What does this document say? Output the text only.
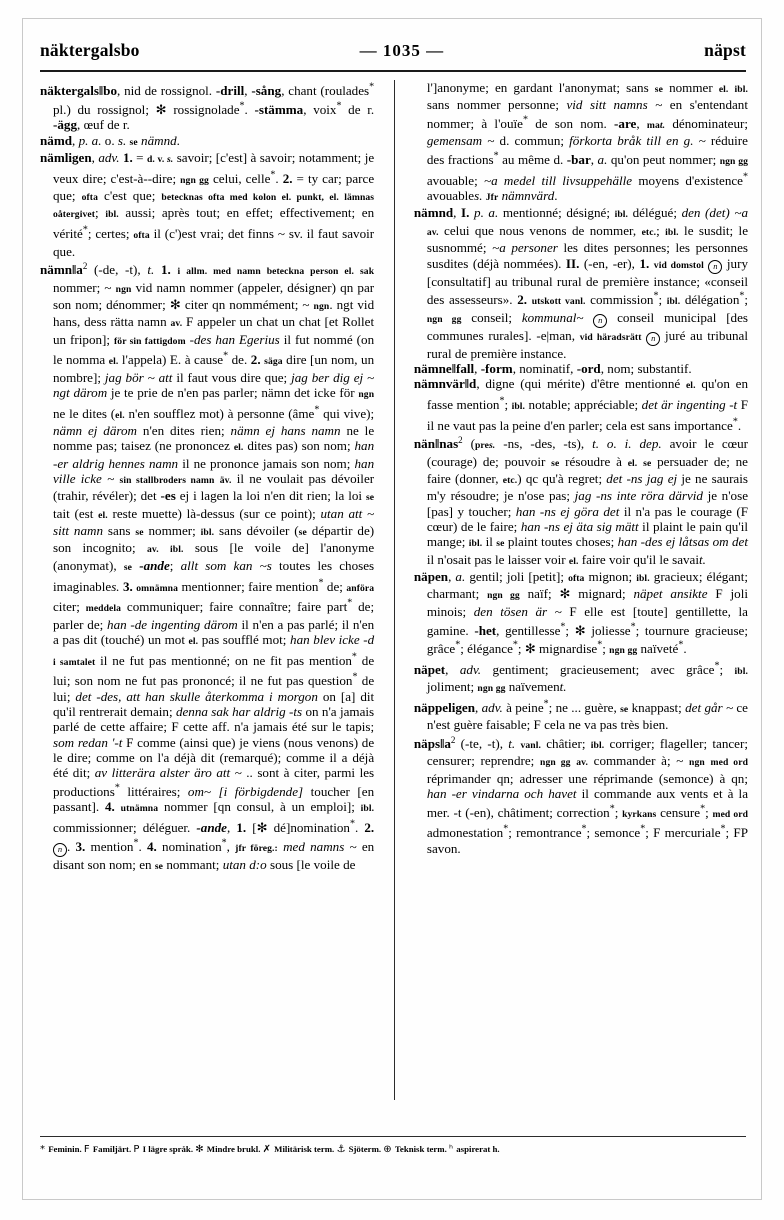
näktergalsbo	— 1035 —	näpst
näktergals‖bo, nid de rossignol. -drill, -sång, chant (roulades* pl.) du rossignol; ✻ rossignolade*. -stämma, voix* de r. -ägg, œuf de r.
nämd, p. a. o. s. se nämnd.
nämligen, adv. 1. = d. v. s. savoir; [c'est] à savoir; notamment; je veux dire; c'est-à--dire; ngn gg celui, celle*. 2. = ty car; parce que; ofta c'est que; betecknas ofta med kolon el. punkt, el. lämnas oåtergivet; ibl. aussi; après tout; en effet; effectivement; en vérité*; certes; ofta il (c')est vrai; det finns ~ sv. il faut savoir que.
$nämn‖a^2$ (-de, -t), t. 1. i allm. med namn beteckna person el. sak nommer; ~ ngn vid namn nommer (appeler, désigner) qn par son nom; dénommer; ✻ citer qn nommément; ~ ngn. ngt vid hans, dess rätta namn av. F appeler un chat un chat [et Rollet un fripon]; för sin fattigdom -des han Egerius il fut nommé (on le nomma el. l'appela) E. à cause* de. 2. säga dire [un nom, un nombre]; jag bör ~ att il faut vous dire que; jag ber dig ej ~ ngt därom je te prie de n'en pas parler; nämn det icke för ngn ne le dites (el. n'en soufflez mot) à personne (âme* qui vive); nämn ej därom n'en dites rien; nämn ej hans namn ne le nomme pas; taisez (ne prononcez el. dites pas) son nom; han -er aldrig hennes namn il ne prononce jamais son nom; han ville icke ~ sin stallbroders namn äv. il ne voulait pas dévoiler (trahir, révéler); det -es ej i lagen la loi n'en dit rien; la loi se tait (est el. reste muette) là-dessus (sur ce point); utan att ~ sitt namn sans se nommer; ibl. sans dévoiler (se départir de) son incognito; av. ibl. sous [le voile de] l'anonyme (anonymat), se -ande; allt som kan ~s toutes les choses imaginables. 3. omnämna mentionner; faire mention* de; anföra citer; meddela communiquer; faire connaître; faire part* de; parler de; han -de ingenting därom il n'en a pas parlé; il n'en a pas dit (touché) un mot el. pas soufflé mot; han blev icke -d i samtalet il ne fut pas mentionné; on ne fit pas mention* de lui; son nom ne fut pas prononcé; il ne fut pas question* de lui; det -des, att han skulle återkomma i morgon on [a] dit qu'il rentrerait demain; denna sak har aldrig -ts on n'a jamais parlé de cette affaire; F cette aff. n'a jamais été sur le tapis; som redan '-t F comme (ainsi que) je viens (nous venons) de le dire; comme on l'a déjà dit (remarqué); comme il a déjà été dit; av litterära alster äro att ~ .. sont à citer, parmi les productions* littéraires; om~ [i förbigdende] toucher [en passant]. 4. utnämna nommer [qn consul, à un emploi]; ibl. commissionner; déléguer. -ande, 1. [✻ dé]nomination*. 2. n . 3. mention*. 4. nomination*, jfr föreg.: med namns ~ en disant son nom; en se nommant; utan d:o sous [le voile de
l']anonyme; en gardant l'anonymat; sans se nommer el. ibl. sans nommer personne; vid sitt namns ~ en s'entendant nommer; à l'ouïe* de son nom. -are, mat. dénominateur; gemensam ~ d. commun; förkorta bråk till en g. ~ réduire des fractions* au même d. -bar, a. qu'on peut nommer; ngn gg avouable; ~a medel till livsuppehälle moyens d'existence* avouables. Jfr nämnvärd.
nämnd, I. p. a. mentionné; désigné; ibl. délégué; den (det) ~a av. celui que nous venons de nommer, etc.; ibl. le susdit; le susnommé; ~a personer les dites personnes; les personnes susdites (déjà nommées). II. (-en, -er), 1. vid domstol n jury [consultatif] au tribunal rural de première instance; «conseil des assesseurs». 2. utskott vanl. commission*; ibl. délégation*; ngn gg conseil; kommunal~ n conseil municipal [des communes rurales]. -e|man, vid häradsrätt n juré au tribunal rural de première instance.
nämne‖fall, -form, nominatif, -ord, nom; substantif.
nämnvär‖d, digne (qui mérite) d'être mentionné el. qu'on en fasse mention*; ibl. notable; appréciable; det är ingenting -t F il ne vaut pas la peine d'en parler; cela est sans importance*.
nän‖nas$^2$ (pres. -ns, -des, -ts), t. o. i. dep. avoir le cœur (courage) de; pouvoir se résoudre à el. se persuader de; ne faire (donner, etc.) qc qu'à regret; det -ns jag ej je ne saurais m'y résoudre; je n'ose pas; jag -ns inte röra därvid je n'ose [pas] y toucher; han -ns ej göra det il n'a pas le courage (F cœur) de le faire; han -ns ej äta sig mätt il plaint le pain qu'il mange; ibl. il se plaint toutes choses; han -des ej låtsas om det il n'osait pas le laisser voir el. faire voir qu'il le savait.
näpen, a. gentil; joli [petit]; ofta mignon; ibl. gracieux; élégant; charmant; ngn gg naïf; ✻ mignard; näpet ansikte F joli minois; den tösen är ~ F elle est [toute] gentillette, la gamine. -het, gentillesse*; ✻ joliesse*; tournure gracieuse; grâce*; élégance*; ✻ mignardise*; ngn gg naïveté*.
näpet, adv. gentiment; gracieusement; avec grâce*; ibl. joliment; ngn gg naïvement.
näppeligen, adv. à peine*; ne ... guère, se knappast; det går ~ ce n'est guère faisable; F cela ne va pas très bien.
$näps‖a^2$ (-te, -t), t. vanl. châtier; ibl. corriger; flageller; tancer; censurer; reprendre; ngn gg av. commander à; ~ ngn med ord réprimander qn; adresser une réprimande (semonce) à qn; han -er vindarna och havet il commande aux vents et à la mer. -t (-en), châtiment; correction*; kyrkans censure*; med ord admonestation*; remontrance*; semonce*; F mercuriale*; FP savon.
* Feminin. F Familjärt. P I lägre språk. ✻ Mindre brukl. ✗ Militärisk term. ⚓ Sjöterm. ⊕ Teknisk term. ʰ aspirerat h.
